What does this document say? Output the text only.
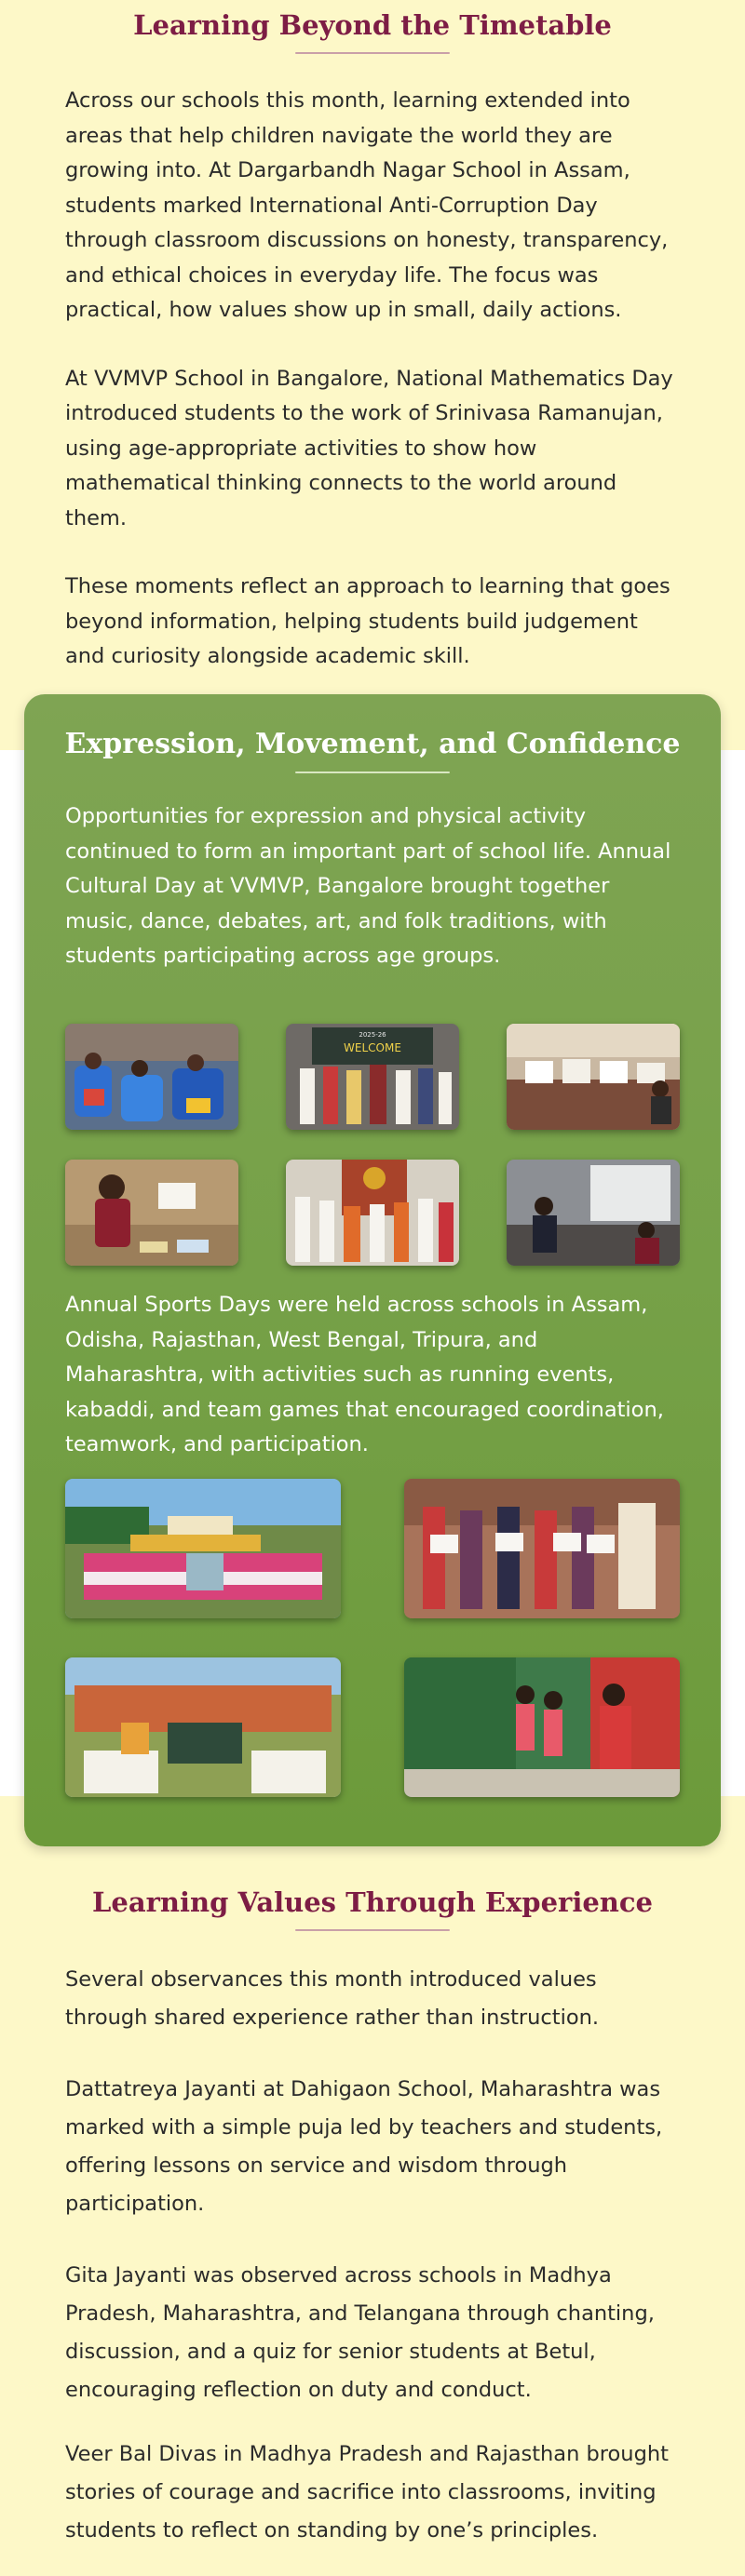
Learning Beyond the Timetable

Across our schools this month, learning extended into areas that help children navigate the world they are growing into. At Dargarbandh Nagar School in Assam, students marked International Anti-Corruption Day through classroom discussions on honesty, transparency, and ethical choices in everyday life. The focus was practical, how values show up in small, daily actions.

At VVMVP School in Bangalore, National Mathematics Day introduced students to the work of Srinivasa Ramanujan, using age-appropriate activities to show how mathematical thinking connects to the world around them.

These moments reflect an approach to learning that goes beyond information, helping students build judgement and curiosity alongside academic skill.

Expression, Movement, and Confidence

Opportunities for expression and physical activity continued to form an important part of school life. Annual Cultural Day at VVMVP, Bangalore brought together music, dance, debates, art, and folk traditions, with students participating across age groups.

2025-26
WELCOME

Annual Sports Days were held across schools in Assam, Odisha, Rajasthan, West Bengal, Tripura, and Maharashtra, with activities such as running events, kabaddi, and team games that encouraged coordination, teamwork, and participation.

Learning Values Through Experience

Several observances this month introduced values through shared experience rather than instruction.

Dattatreya Jayanti at Dahigaon School, Maharashtra was marked with a simple puja led by teachers and students, offering lessons on service and wisdom through participation.

Gita Jayanti was observed across schools in Madhya Pradesh, Maharashtra, and Telangana through chanting, discussion, and a quiz for senior students at Betul, encouraging reflection on duty and conduct.

Veer Bal Divas in Madhya Pradesh and Rajasthan brought stories of courage and sacrifice into classrooms, inviting students to reflect on standing by one’s principles.
